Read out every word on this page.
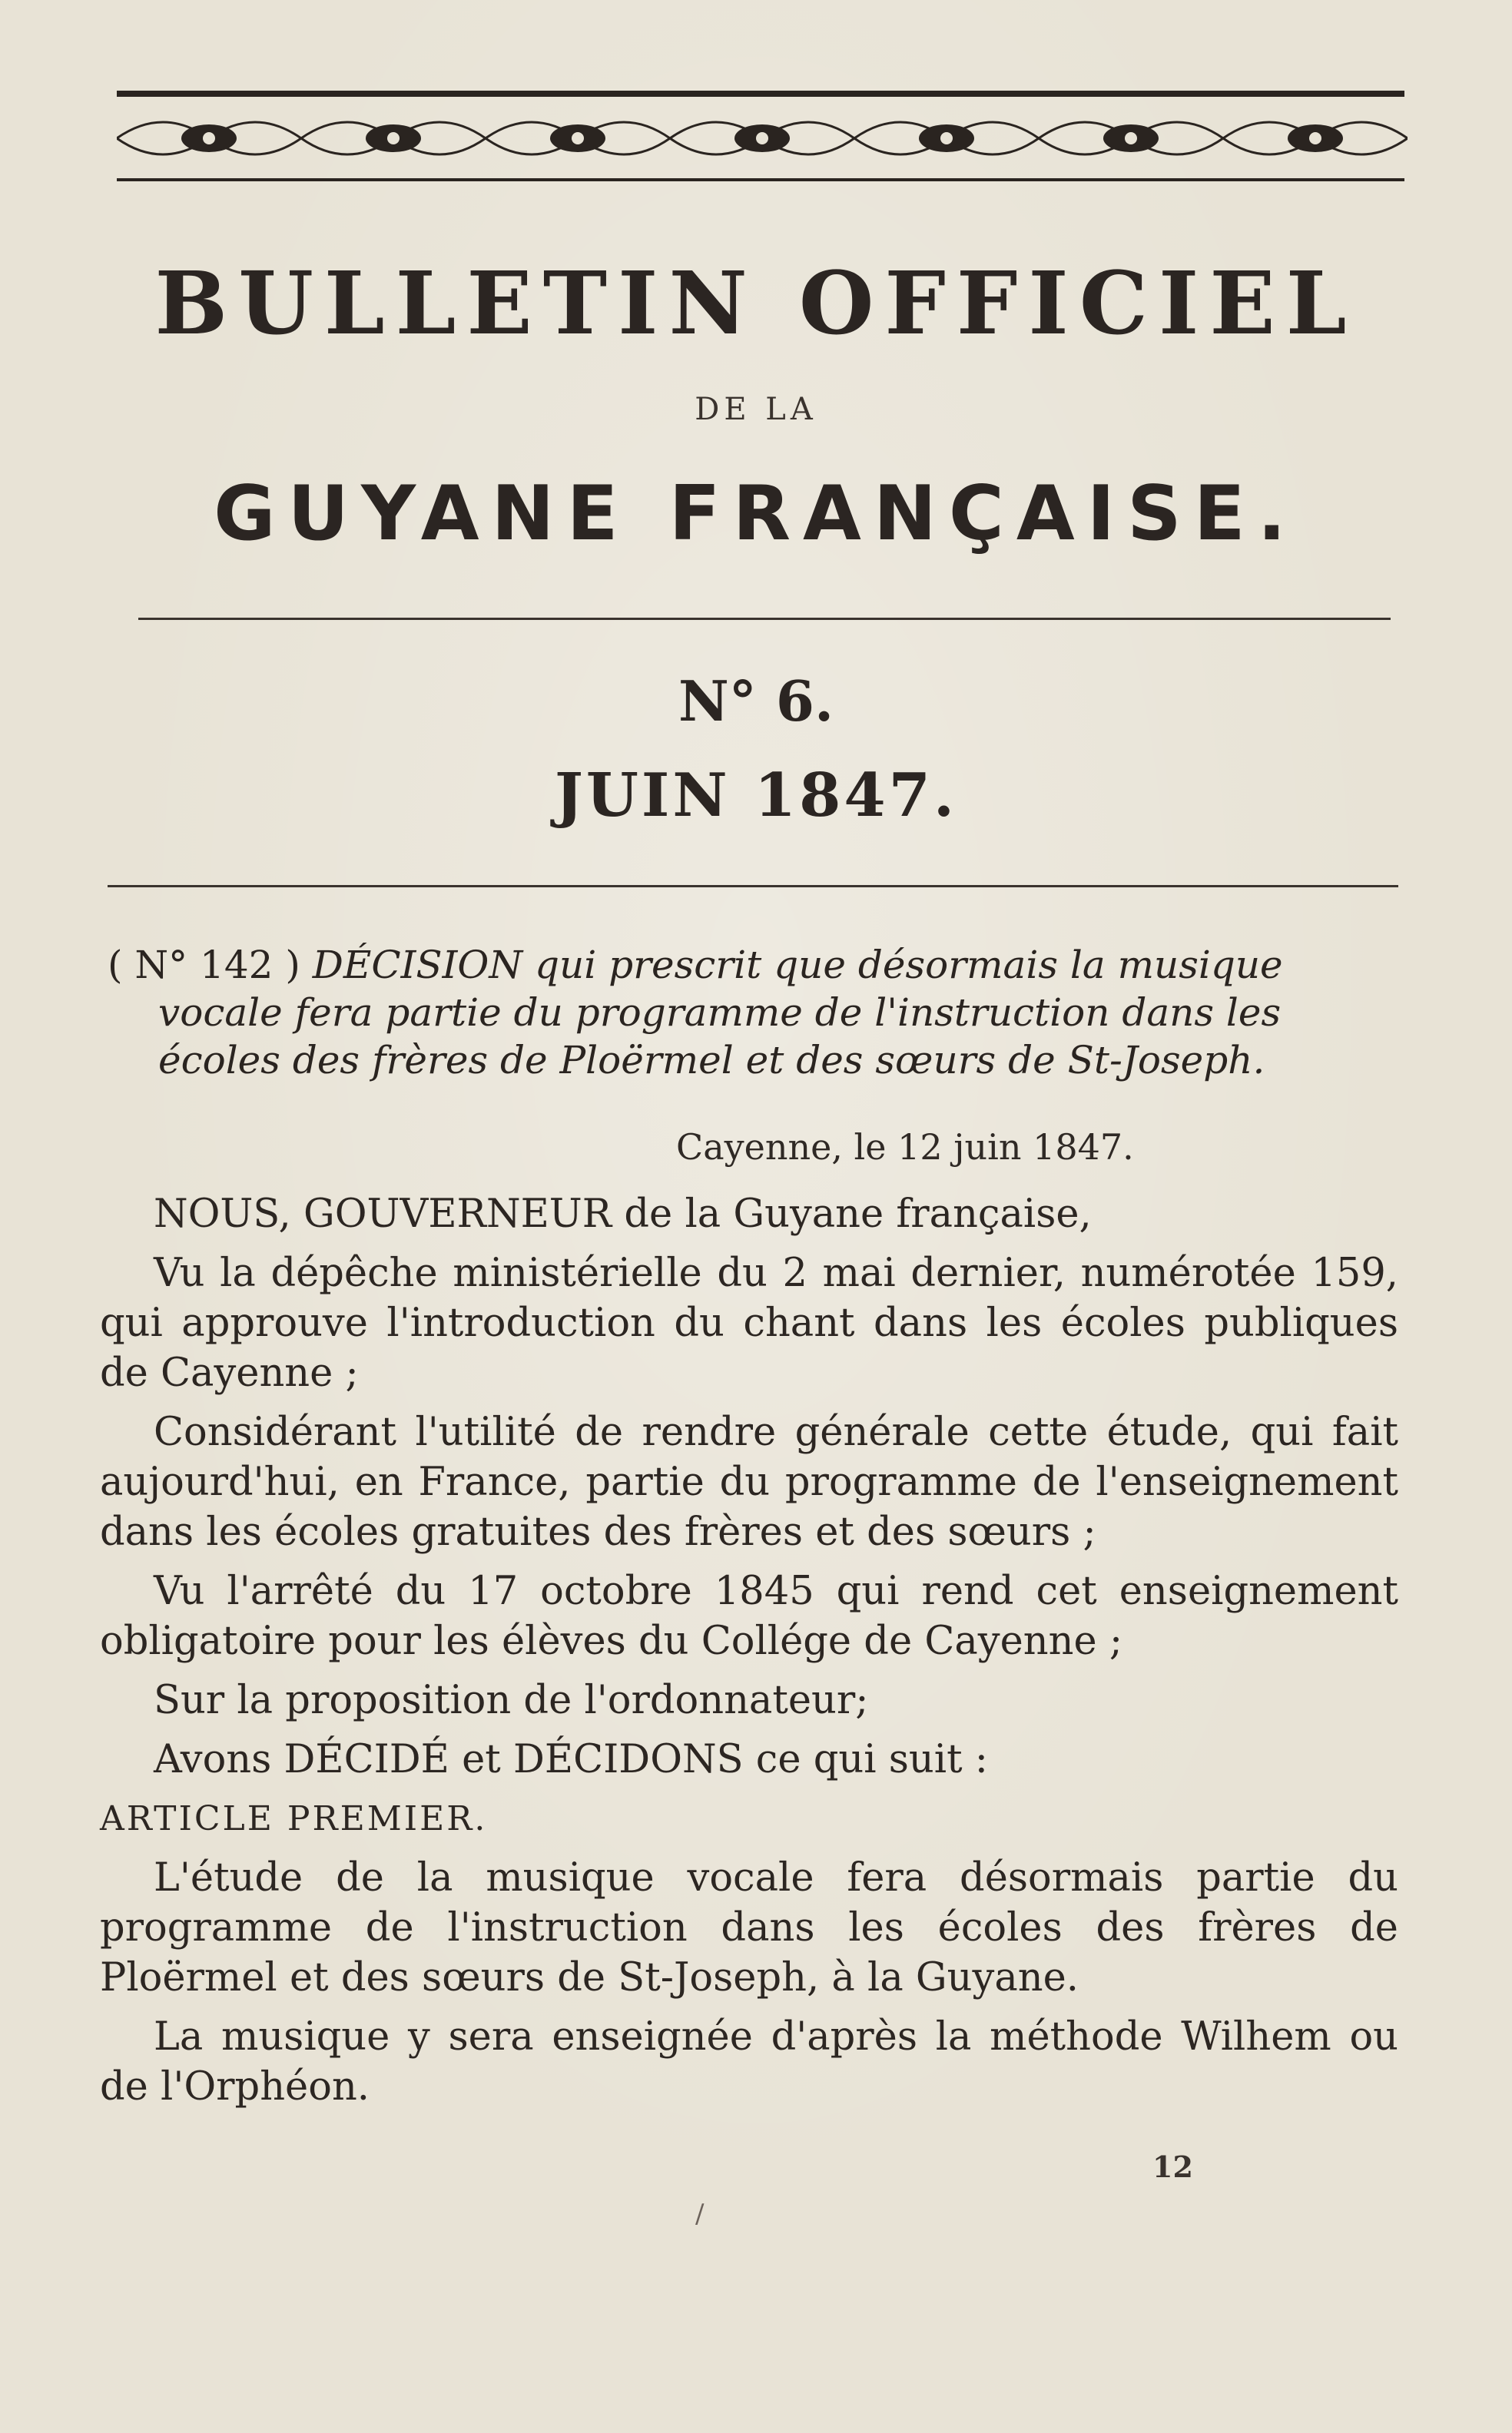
BULLETIN OFFICIEL
DE LA
GUYANE FRANÇAISE.
N° 6.
JUIN 1847.
( N° 142 ) DÉCISION qui prescrit que désormais la musique
vocale fera partie du programme de l'instruction dans les
écoles des frères de Ploërmel et des sœurs de St-Joseph.
Cayenne, le 12 juin 1847.

NOUS, GOUVERNEUR de la Guyane française,

Vu la dépêche ministérielle du 2 mai dernier, numérotée 159, qui approuve l'introduction du chant dans les écoles publiques de Cayenne ;

Considérant l'utilité de rendre générale cette étude, qui fait aujourd'hui, en France, partie du programme de l'enseignement dans les écoles gratuites des frères et des sœurs ;

Vu l'arrêté du 17 octobre 1845 qui rend cet enseignement obligatoire pour les élèves du Collége de Cayenne ;

Sur la proposition de l'ordonnateur;

Avons DÉCIDÉ et DÉCIDONS ce qui suit :

ARTICLE PREMIER.

L'étude de la musique vocale fera désormais partie du programme de l'instruction dans les écoles des frères de Ploërmel et des sœurs de St-Joseph, à la Guyane.

La musique y sera enseignée d'après la méthode Wilhem ou de l'Orphéon.

12
/
